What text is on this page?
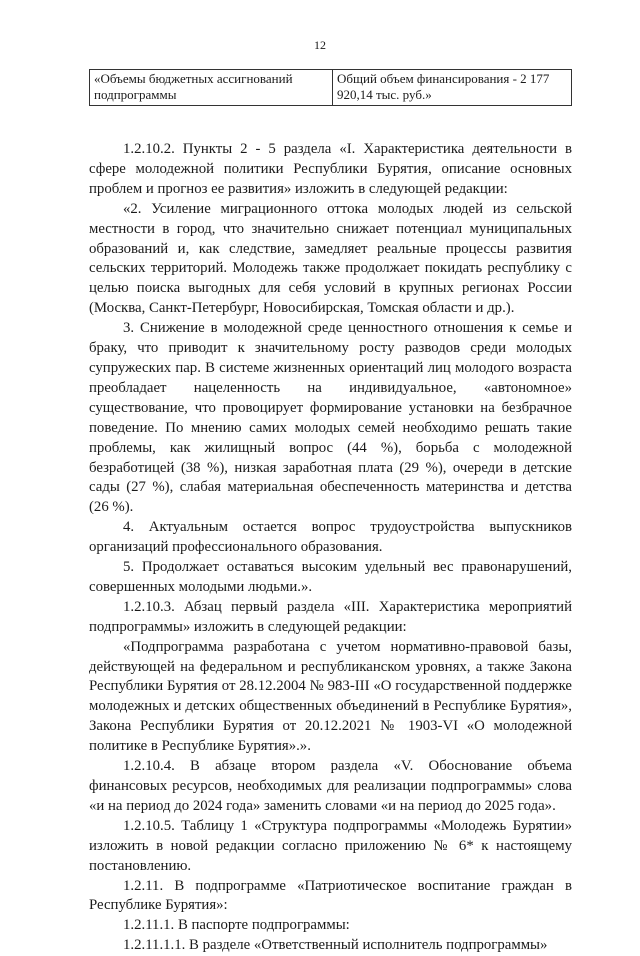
12
«Объемы бюджетных ассигнований подпрограммы	Общий объем финансирования - 2 177 920,14 тыс. руб.»

1.2.10.2. Пункты 2 - 5 раздела «I. Характеристика деятельности в сфере молодежной политики Республики Бурятия, описание основных проблем и прогноз ее развития» изложить в следующей редакции:

«2. Усиление миграционного оттока молодых людей из сельской местности в город, что значительно снижает потенциал муниципальных образований и, как следствие, замедляет реальные процессы развития сельских территорий. Молодежь также продолжает покидать республику с целью поиска выгодных для себя условий в крупных регионах России (Москва, Санкт-Петербург, Новосибирская, Томская области и др.).

3. Снижение в молодежной среде ценностного отношения к семье и браку, что приводит к значительному росту разводов среди молодых супружеских пар. В системе жизненных ориентаций лиц молодого возраста преобладает нацеленность на индивидуальное, «автономное» существование, что провоцирует формирование установки на безбрачное поведение. По мнению самих молодых семей необходимо решать такие проблемы, как жилищный вопрос (44 %), борьба с молодежной безработицей (38 %), низкая заработная плата (29 %), очереди в детские сады (27 %), слабая материальная обеспеченность материнства и детства (26 %).

4. Актуальным остается вопрос трудоустройства выпускников организаций профессионального образования.

5. Продолжает оставаться высоким удельный вес правонарушений, совершенных молодыми людьми.».

1.2.10.3. Абзац первый раздела «III. Характеристика мероприятий подпрограммы» изложить в следующей редакции:

«Подпрограмма разработана с учетом нормативно-правовой базы, действующей на федеральном и республиканском уровнях, а также Закона Республики Бурятия от 28.12.2004 № 983-III «О государственной поддержке молодежных и детских общественных объединений в Республике Бурятия», Закона Республики Бурятия от 20.12.2021 № 1903-VI «О молодежной политике в Республике Бурятия».».

1.2.10.4. В абзаце втором раздела «V. Обоснование объема финансовых ресурсов, необходимых для реализации подпрограммы» слова «и на период до 2024 года» заменить словами «и на период до 2025 года».

1.2.10.5. Таблицу 1 «Структура подпрограммы «Молодежь Бурятии» изложить в новой редакции согласно приложению № 6* к настоящему постановлению.

1.2.11. В подпрограмме «Патриотическое воспитание граждан в Республике Бурятия»:

1.2.11.1. В паспорте подпрограммы:

1.2.11.1.1. В разделе «Ответственный исполнитель подпрограммы»
